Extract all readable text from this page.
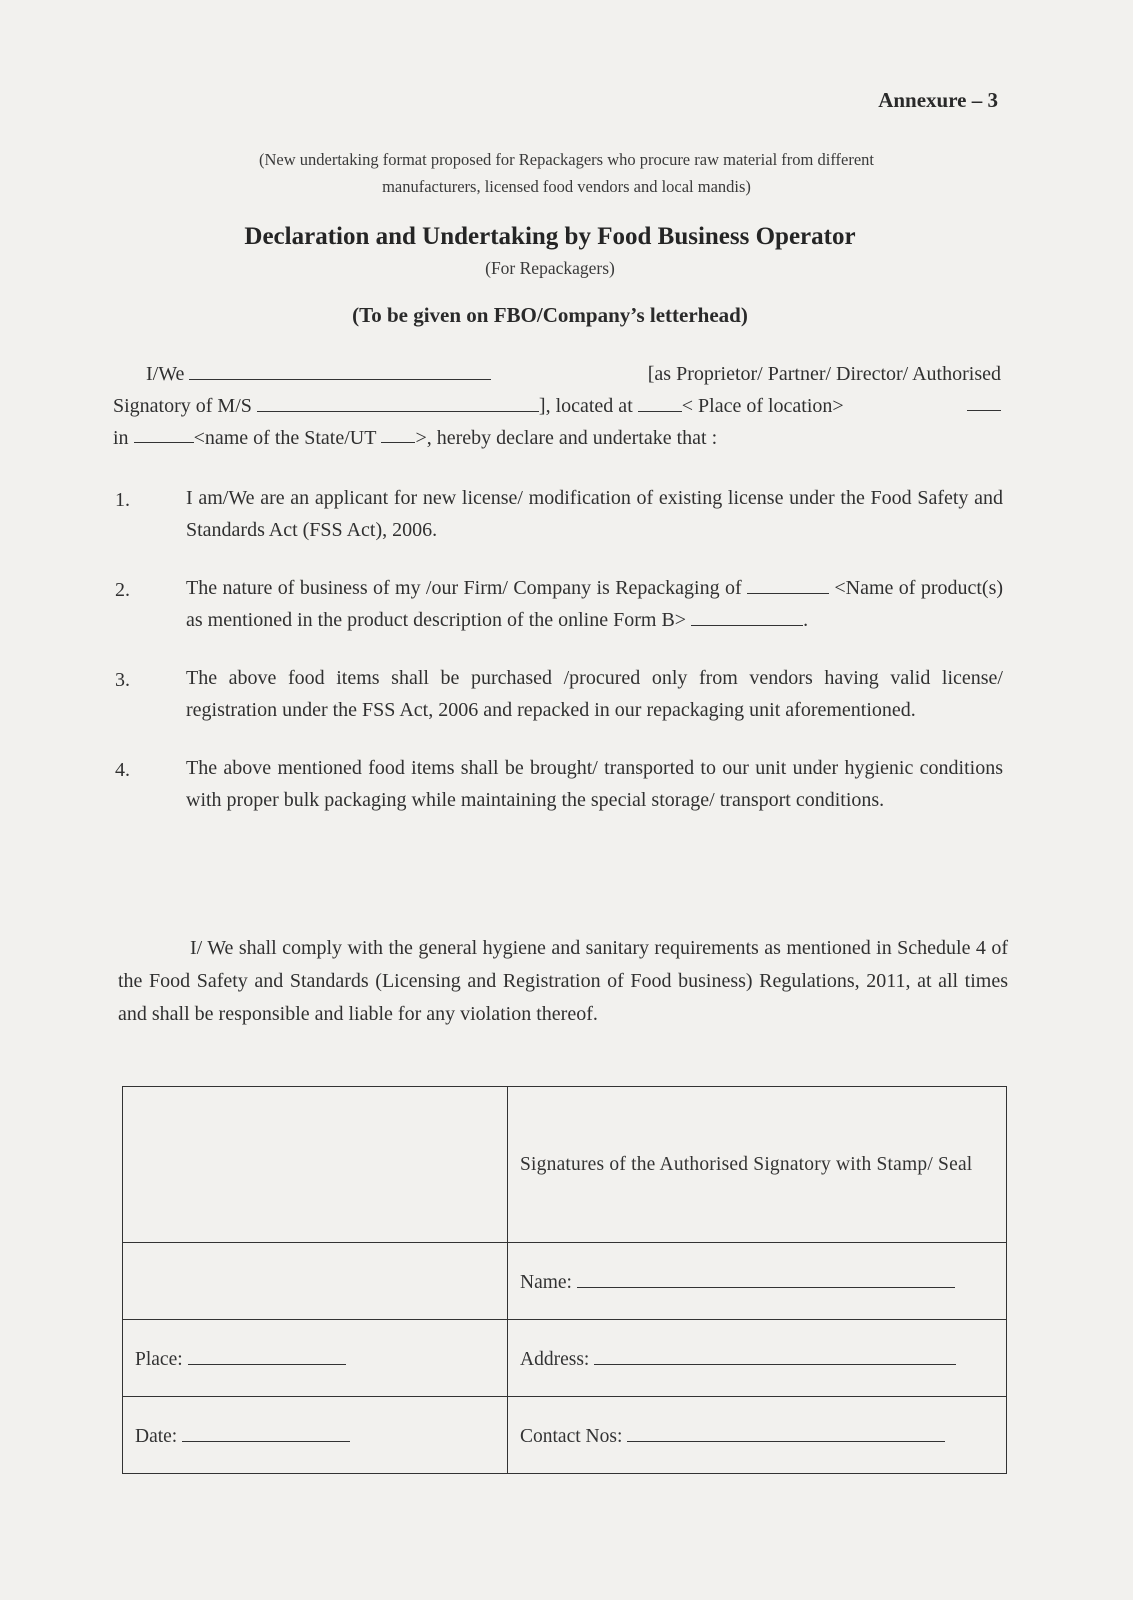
Annexure – 3
(New undertaking format proposed for Repackagers who procure raw material from different
manufacturers, licensed food vendors and local mandis)
Declaration and Undertaking by Food Business Operator
(For Repackagers)
(To be given on FBO/Company’s letterhead)
I/We	[as Proprietor/ Partner/ Director/ Authorised
Signatory of M/S	], located at < Place of location>
in
	<name of the State/UT
>, hereby declare and undertake that :
1.	I am/We are an applicant for new license/ modification of existing license under the Food Safety and Standards Act (FSS Act), 2006.
2.	The nature of business of my /our Firm/ Company is Repackaging of	<Name of product(s) as mentioned in the product description of the online Form B>	.
3.	The above food items shall be purchased /procured only from vendors having valid license/ registration under the FSS Act, 2006 and repacked in our repackaging unit aforementioned.
4.	The above mentioned food items shall be brought/ transported to our unit under hygienic conditions with proper bulk packaging while maintaining the special storage/ transport conditions.
I/ We shall comply with the general hygiene and sanitary requirements as mentioned in Schedule 4 of the Food Safety and Standards (Licensing and Registration of Food business) Regulations, 2011, at all times and shall be responsible and liable for any violation thereof.

	Signatures of the Authorised Signatory with Stamp/ Seal

	Name:
Place:	Address:
Date:	Contact Nos:
